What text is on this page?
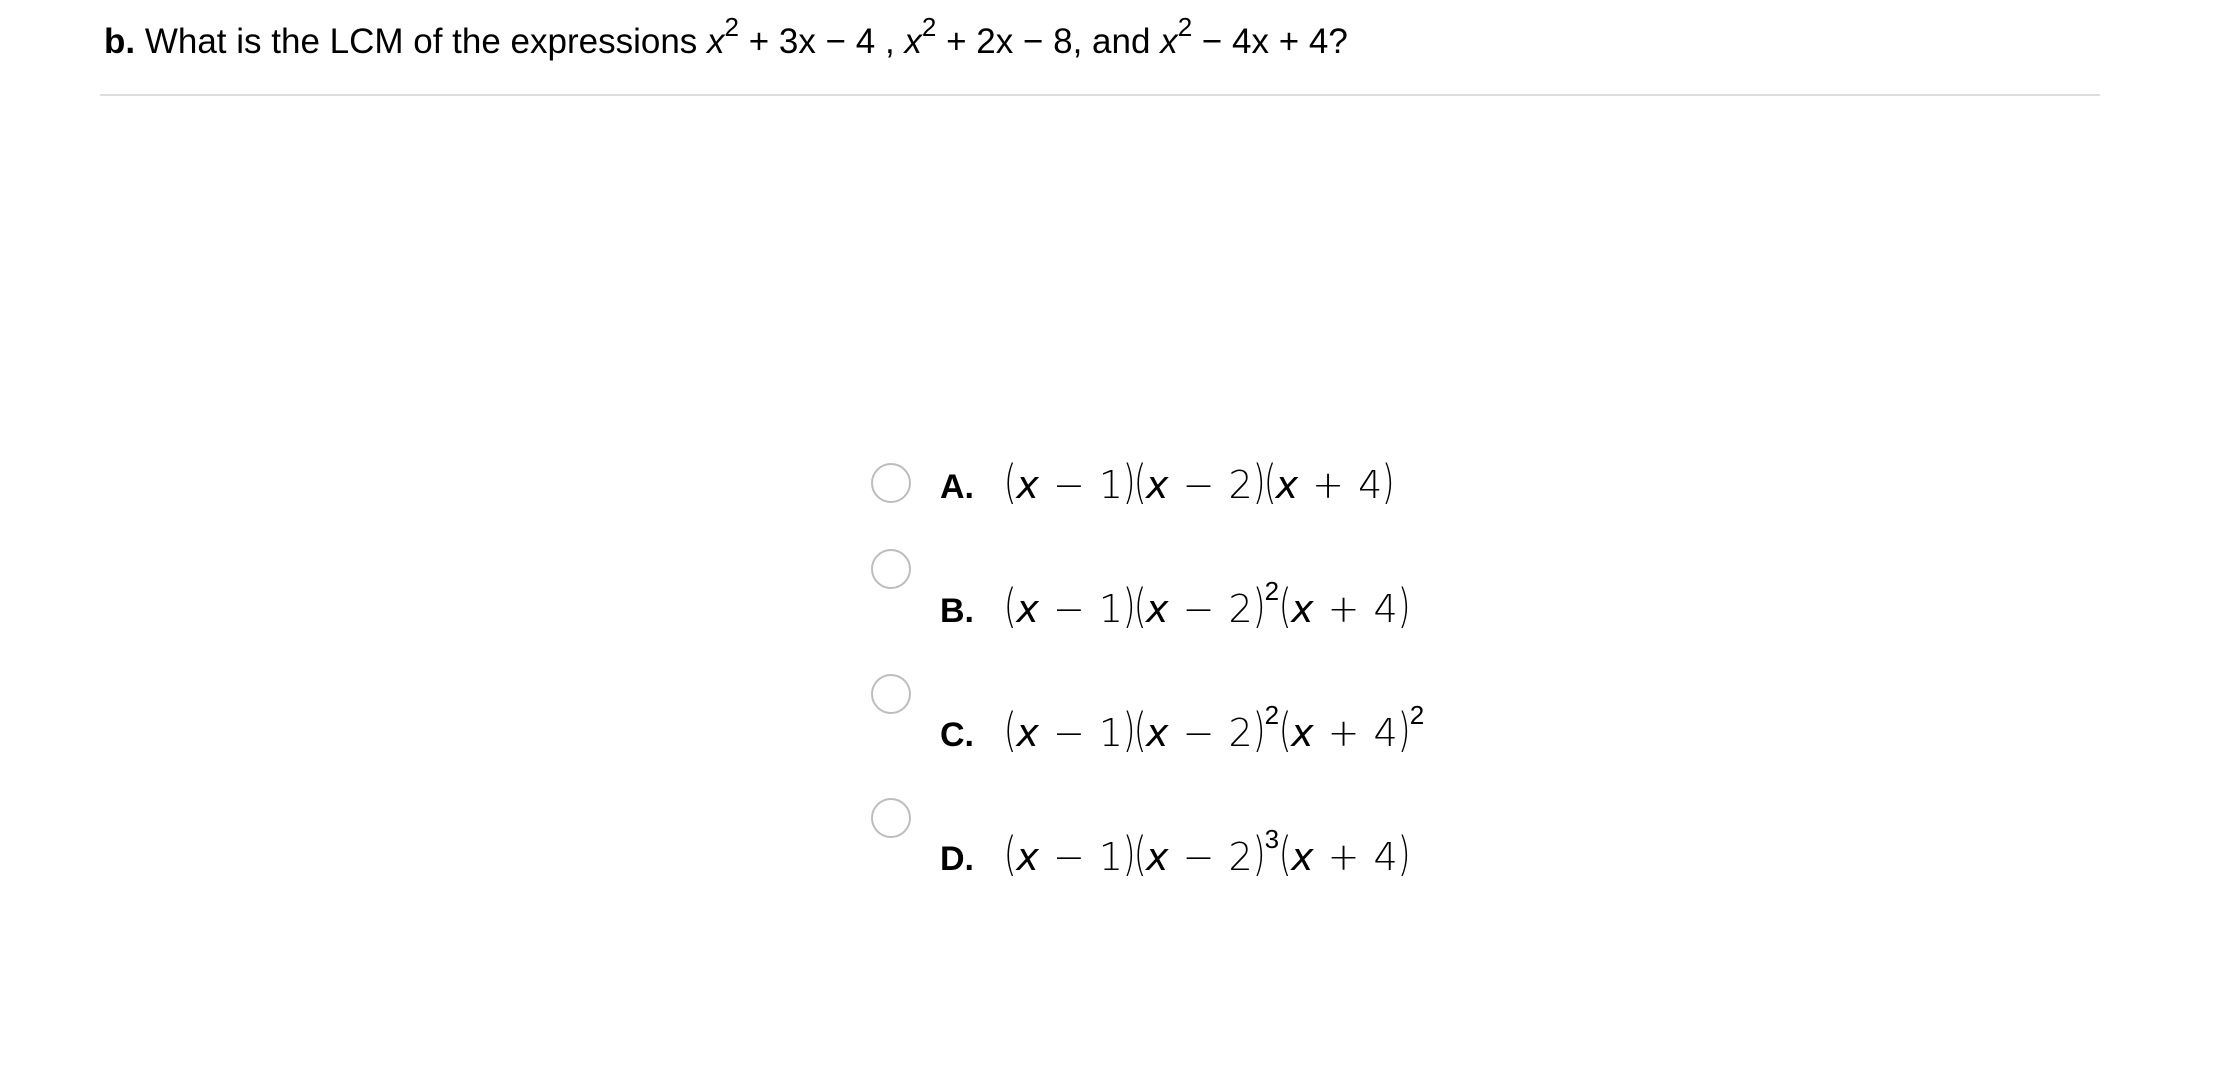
b. What is the LCM of the expressions $x^2 + 3x - 4$ , $x^2 + 2x - 8$, and $x^2 - 4x + 4$?
A. (x − 1)(x − 2)(x + 4)
B. $(x - 1)(x - 2)^2(x + 4)$
C. $(x - 1)(x - 2)^2(x + 4)^2$
D. $(x - 1)(x - 2)^3(x + 4)$
